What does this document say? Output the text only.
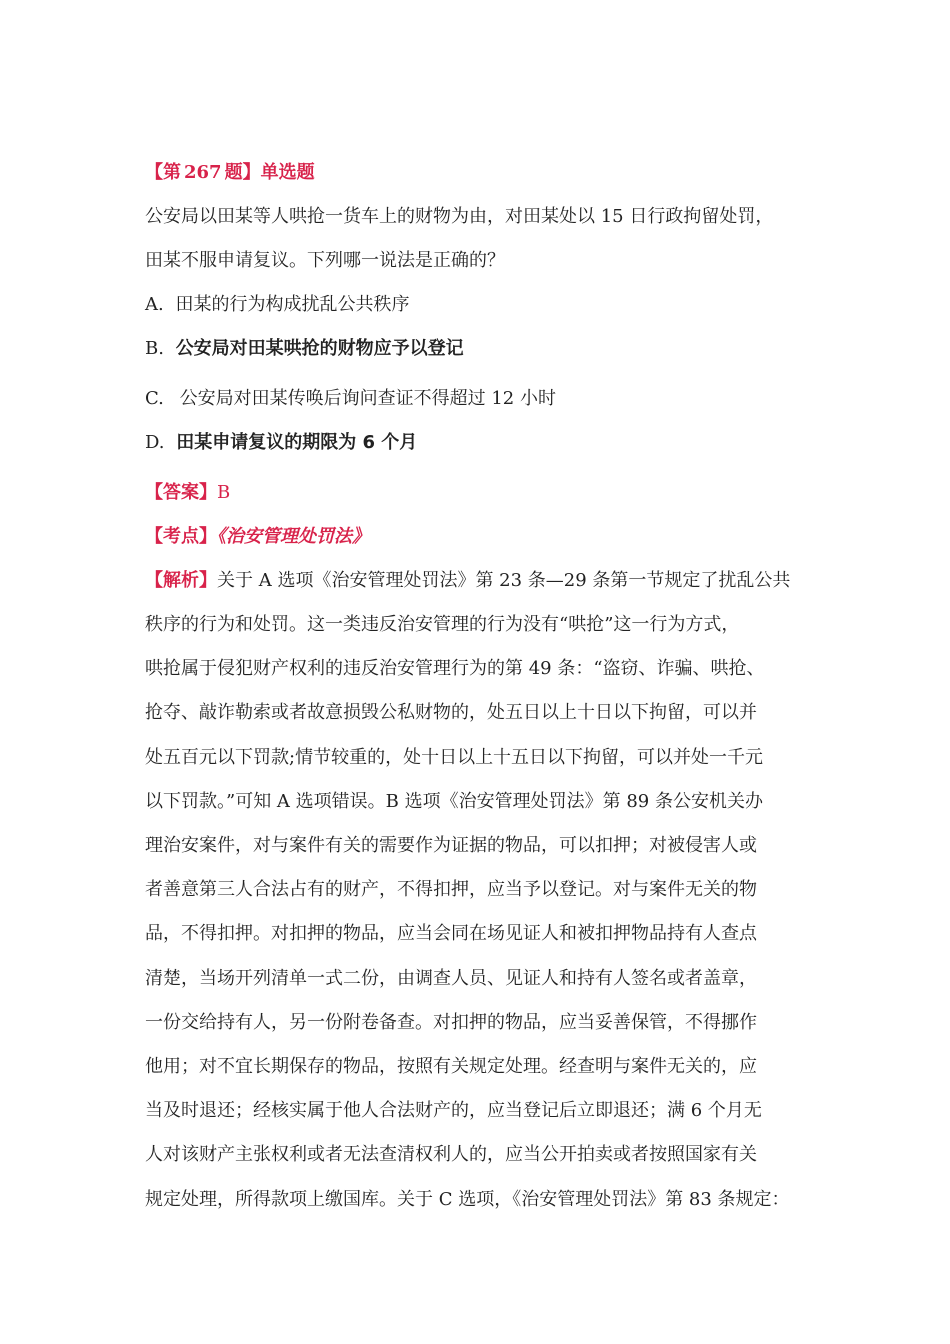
【第 267 题】单选题
公安局以田某等人哄抢一货车上的财物为由，对田某处以 15 日行政拘留处罚，
田某不服申请复议。下列哪一说法是正确的？
A. 田某的行为构成扰乱公共秩序
B. 公安局对田某哄抢的财物应予以登记
C. 公安局对田某传唤后询问查证不得超过 12 小时
D. 田某申请复议的期限为 6 个月
【答案】B
【考点】《治安管理处罚法》
【解析】关于 A 选项《治安管理处罚法》第 23 条—29 条第一节规定了扰乱公共
秩序的行为和处罚。这一类违反治安管理的行为没有“哄抢”这一行为方式，
哄抢属于侵犯财产权利的违反治安管理行为的第 49 条：“盗窃、诈骗、哄抢、
抢夺、敲诈勒索或者故意损毁公私财物的，处五日以上十日以下拘留，可以并
处五百元以下罚款;情节较重的，处十日以上十五日以下拘留，可以并处一千元
以下罚款。”可知 A 选项错误。B 选项《治安管理处罚法》第 89 条公安机关办
理治安案件，对与案件有关的需要作为证据的物品，可以扣押；对被侵害人或
者善意第三人合法占有的财产，不得扣押，应当予以登记。对与案件无关的物
品，不得扣押。对扣押的物品，应当会同在场见证人和被扣押物品持有人查点
清楚，当场开列清单一式二份，由调查人员、见证人和持有人签名或者盖章，
一份交给持有人，另一份附卷备查。对扣押的物品，应当妥善保管，不得挪作
他用；对不宜长期保存的物品，按照有关规定处理。经查明与案件无关的，应
当及时退还；经核实属于他人合法财产的，应当登记后立即退还；满 6 个月无
人对该财产主张权利或者无法查清权利人的，应当公开拍卖或者按照国家有关
规定处理，所得款项上缴国库。关于 C 选项，《治安管理处罚法》第 83 条规定：
